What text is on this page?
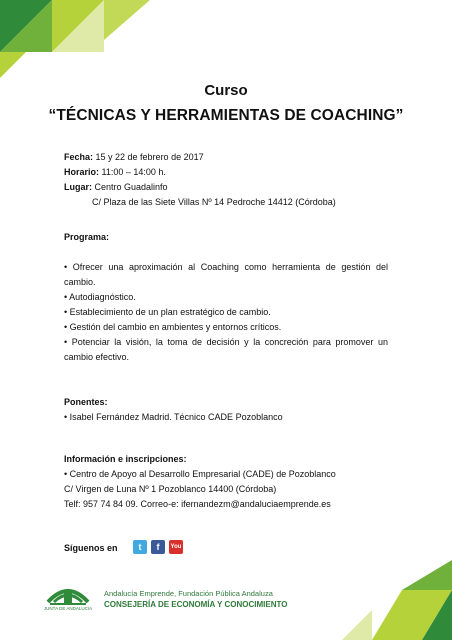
Curso
“TÉCNICAS Y HERRAMIENTAS DE COACHING”
Fecha: 15 y 22 de febrero de 2017
Horario: 11:00 – 14:00 h.
Lugar: Centro Guadalinfo
C/ Plaza de las Siete Villas Nº 14 Pedroche 14412 (Córdoba)
Programa:
• Ofrecer una aproximación al Coaching como herramienta de gestión del cambio.
• Autodiagnóstico.
• Establecimiento de un plan estratégico de cambio.
• Gestión del cambio en ambientes y entornos críticos.
• Potenciar la visión, la toma de decisión y la concreción para promover un cambio efectivo.
Ponentes:
• Isabel Fernández Madrid. Técnico CADE Pozoblanco
Información e inscripciones:
• Centro de Apoyo al Desarrollo Empresarial (CADE) de Pozoblanco
C/ Virgen de Luna Nº 1 Pozoblanco 14400 (Córdoba)
Telf: 957 74 84 09. Correo-e: ifernandezm@andaluciaemprende.es
Síguenos en	t	f	You
JUNTA DE ANDALUCIA
Andalucía Emprende, Fundación Pública Andaluza
CONSEJERÍA DE ECONOMÍA Y CONOCIMIENTO
